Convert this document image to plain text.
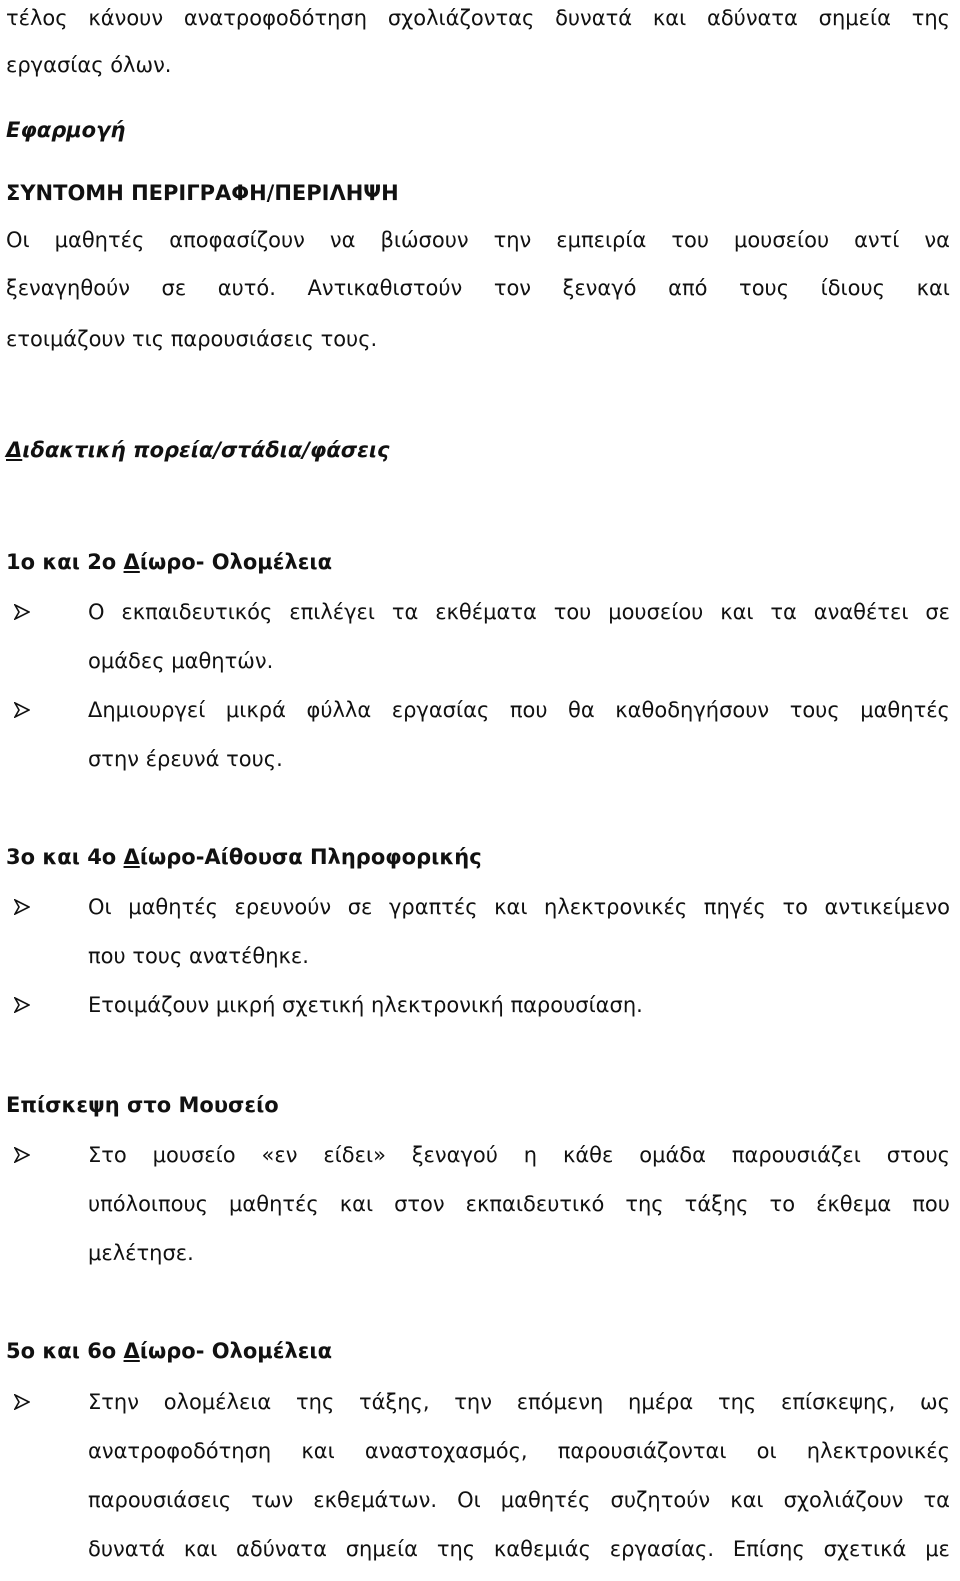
τέλος κάνουν ανατροφοδότηση σχολιάζοντας δυνατά και αδύνατα σημεία της
εργασίας όλων.
Εφαρμογή
ΣΥΝΤΟΜΗ ΠΕΡΙΓΡΑΦΗ/ΠΕΡΙΛΗΨΗ
Οι μαθητές αποφασίζουν να βιώσουν την εμπειρία του μουσείου αντί να
ξεναγηθούν σε αυτό. Αντικαθιστούν τον ξεναγό από τους ίδιους και
ετοιμάζουν τις παρουσιάσεις τους.
Διδακτική πορεία/στάδια/φάσεις
1ο και 2ο Δίωρο- Ολομέλεια
Ο εκπαιδευτικός επιλέγει τα εκθέματα του μουσείου και τα αναθέτει σε
ομάδες μαθητών.
Δημιουργεί μικρά φύλλα εργασίας που θα καθοδηγήσουν τους μαθητές
στην έρευνά τους.
3ο και 4ο Δίωρο-Αίθουσα Πληροφορικής
Οι μαθητές ερευνούν σε γραπτές και ηλεκτρονικές πηγές το αντικείμενο
που τους ανατέθηκε.
Ετοιμάζουν μικρή σχετική ηλεκτρονική παρουσίαση.
Επίσκεψη στο Μουσείο
Στο μουσείο «εν είδει» ξεναγού η κάθε ομάδα παρουσιάζει στους
υπόλοιπους μαθητές και στον εκπαιδευτικό της τάξης το έκθεμα που
μελέτησε.
5ο και 6ο Δίωρο- Ολομέλεια
Στην ολομέλεια της τάξης, την επόμενη ημέρα της επίσκεψης, ως
ανατροφοδότηση και αναστοχασμός, παρουσιάζονται οι ηλεκτρονικές
παρουσιάσεις των εκθεμάτων. Οι μαθητές συζητούν και σχολιάζουν τα
δυνατά και αδύνατα σημεία της καθεμιάς εργασίας. Επίσης σχετικά με
